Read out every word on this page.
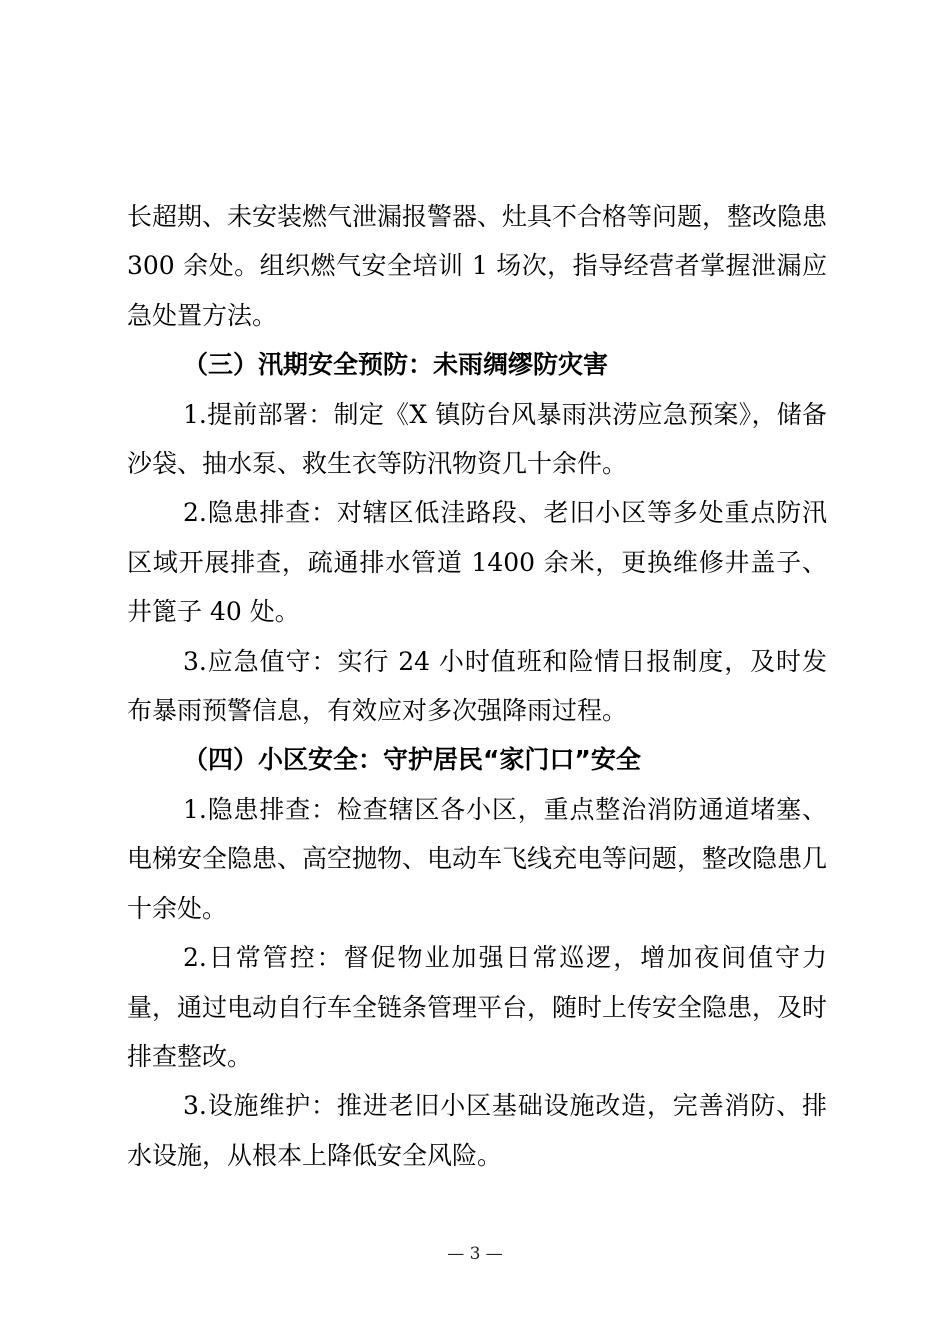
长超期、未安装燃气泄漏报警器、灶具不合格等问题，整改隐患 300 余处。组织燃气安全培训 1 场次，指导经营者掌握泄漏应急处置方法。

（三）汛期安全预防：未雨绸缪防灾害

1.提前部署：制定《X 镇防台风暴雨洪涝应急预案》，储备沙袋、抽水泵、救生衣等防汛物资几十余件。

2.隐患排查：对辖区低洼路段、老旧小区等多处重点防汛区域开展排查，疏通排水管道 1400 余米，更换维修井盖子、井篦子 40 处。

3.应急值守：实行 24 小时值班和险情日报制度，及时发布暴雨预警信息，有效应对多次强降雨过程。

（四）小区安全：守护居民“家门口”安全

1.隐患排查：检查辖区各小区，重点整治消防通道堵塞、电梯安全隐患、高空抛物、电动车飞线充电等问题，整改隐患几十余处。

2.日常管控：督促物业加强日常巡逻，增加夜间值守力量，通过电动自行车全链条管理平台，随时上传安全隐患，及时排查整改。

3.设施维护：推进老旧小区基础设施改造，完善消防、排水设施，从根本上降低安全风险。

— 3 —
